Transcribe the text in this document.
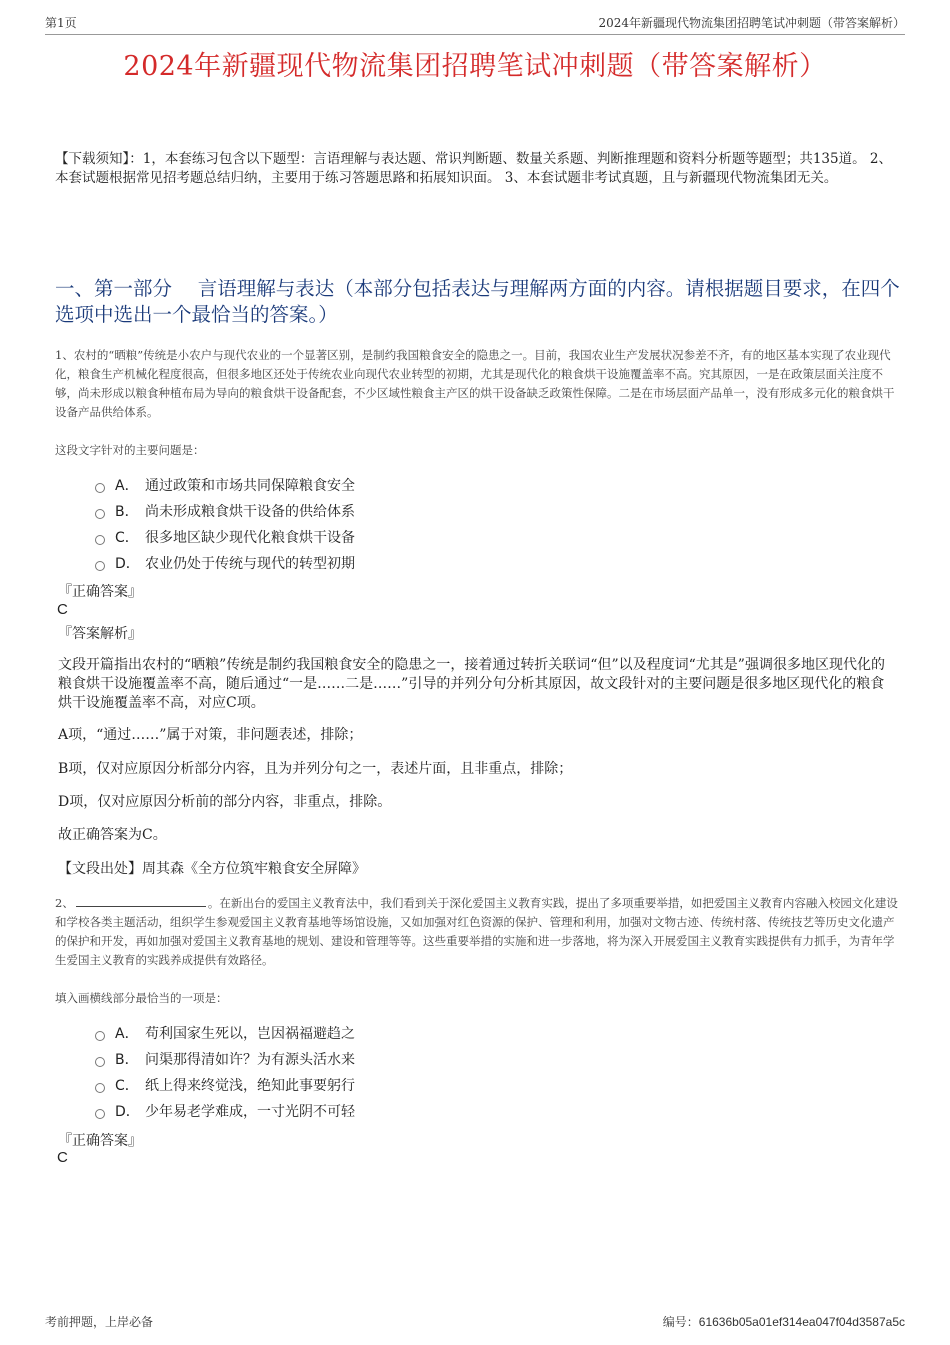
第1页	2024年新疆现代物流集团招聘笔试冲刺题（带答案解析）
2024年新疆现代物流集团招聘笔试冲刺题（带答案解析）
【下载须知】：1，本套练习包含以下题型：言语理解与表达题、常识判断题、数量关系题、判断推理题和资料分析题等题型；共135道。 2、本套试题根据常见招考题总结归纳，主要用于练习答题思路和拓展知识面。 3、本套试题非考试真题，且与新疆现代物流集团无关。
一、第一部分　 言语理解与表达（本部分包括表达与理解两方面的内容。请根据题目要求，在四个选项中选出一个最恰当的答案。）
1、农村的“晒粮”传统是小农户与现代农业的一个显著区别，是制约我国粮食安全的隐患之一。目前，我国农业生产发展状况参差不齐，有的地区基本实现了农业现代化，粮食生产机械化程度很高，但很多地区还处于传统农业向现代农业转型的初期，尤其是现代化的粮食烘干设施覆盖率不高。究其原因，一是在政策层面关注度不够，尚未形成以粮食种植布局为导向的粮食烘干设备配套，不少区域性粮食主产区的烘干设备缺乏政策性保障。二是在市场层面产品单一，没有形成多元化的粮食烘干设备产品供给体系。
这段文字针对的主要问题是：
A． 通过政策和市场共同保障粮食安全
B． 尚未形成粮食烘干设备的供给体系
C． 很多地区缺少现代化粮食烘干设备
D． 农业仍处于传统与现代的转型初期
『正确答案』
C
『答案解析』
文段开篇指出农村的“晒粮”传统是制约我国粮食安全的隐患之一，接着通过转折关联词“但”以及程度词“尤其是”强调很多地区现代化的粮食烘干设施覆盖率不高，随后通过“一是……二是……”引导的并列分句分析其原因，故文段针对的主要问题是很多地区现代化的粮食烘干设施覆盖率不高，对应C项。
A项，“通过……”属于对策，非问题表述，排除；
B项，仅对应原因分析部分内容，且为并列分句之一，表述片面，且非重点，排除；
D项，仅对应原因分析前的部分内容，非重点，排除。
故正确答案为C。
【文段出处】周其森《全方位筑牢粮食安全屏障》
2、	。在新出台的爱国主义教育法中，我们看到关于深化爱国主义教育实践，提出了多项重要举措，如把爱国主义教育内容融入校园文化建设和学校各类主题活动，组织学生参观爱国主义教育基地等场馆设施，又如加强对红色资源的保护、管理和利用，加强对文物古迹、传统村落、传统技艺等历史文化遗产的保护和开发，再如加强对爱国主义教育基地的规划、建设和管理等等。这些重要举措的实施和进一步落地，将为深入开展爱国主义教育实践提供有力抓手，为青年学生爱国主义教育的实践养成提供有效路径。
填入画横线部分最恰当的一项是：
A． 苟利国家生死以，岂因祸福避趋之
B． 问渠那得清如许？为有源头活水来
C． 纸上得来终觉浅，绝知此事要躬行
D． 少年易老学难成，一寸光阴不可轻
『正确答案』
C
考前押题，上岸必备	编号：61636b05a01ef314ea047f04d3587a5c
